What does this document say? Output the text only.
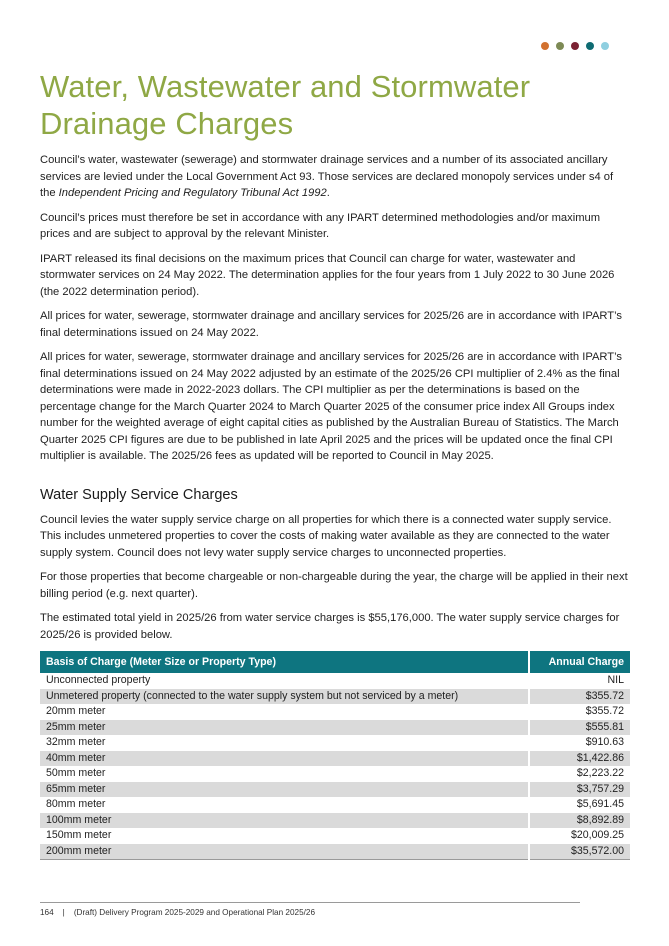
Water, Wastewater and Stormwater Drainage Charges

Council’s water, wastewater (sewerage) and stormwater drainage services and a number of its associated ancillary services are levied under the Local Government Act 93. Those services are declared monopoly services under s4 of the Independent Pricing and Regulatory Tribunal Act 1992.

Council’s prices must therefore be set in accordance with any IPART determined methodologies and/or maximum prices and are subject to approval by the relevant Minister.

IPART released its final decisions on the maximum prices that Council can charge for water, wastewater and stormwater services on 24 May 2022. The determination applies for the four years from 1 July 2022 to 30 June 2026 (the 2022 determination period).

All prices for water, sewerage, stormwater drainage and ancillary services for 2025/26 are in accordance with IPART’s final determinations issued on 24 May 2022.

All prices for water, sewerage, stormwater drainage and ancillary services for 2025/26 are in accordance with IPART’s final determinations issued on 24 May 2022 adjusted by an estimate of the 2025/26 CPI multiplier of 2.4% as the final determinations were made in 2022-2023 dollars. The CPI multiplier as per the determinations is based on the percentage change for the March Quarter 2024 to March Quarter 2025 of the consumer price index All Groups index number for the weighted average of eight capital cities as published by the Australian Bureau of Statistics. The March Quarter 2025 CPI figures are due to be published in late April 2025 and the prices will be updated once the final CPI multiplier is available. The 2025/26 fees as updated will be reported to Council in May 2025.

Water Supply Service Charges

Council levies the water supply service charge on all properties for which there is a connected water supply service. This includes unmetered properties to cover the costs of making water available as they are connected to the water supply system. Council does not levy water supply service charges to unconnected properties.

For those properties that become chargeable or non-chargeable during the year, the charge will be applied in their next billing period (e.g. next quarter).

The estimated total yield in 2025/26 from water service charges is $55,176,000. The water supply service charges for 2025/26 is provided below.

Basis of Charge (Meter Size or Property Type)	Annual Charge
Unconnected property	NIL
Unmetered property (connected to the water supply system but not serviced by a meter)	$355.72
20mm meter	$355.72
25mm meter	$555.81
32mm meter	$910.63
40mm meter	$1,422.86
50mm meter	$2,223.22
65mm meter	$3,757.29
80mm meter	$5,691.45
100mm meter	$8,892.89
150mm meter	$20,009.25
200mm meter	$35,572.00
164 | (Draft) Delivery Program 2025-2029 and Operational Plan 2025/26
